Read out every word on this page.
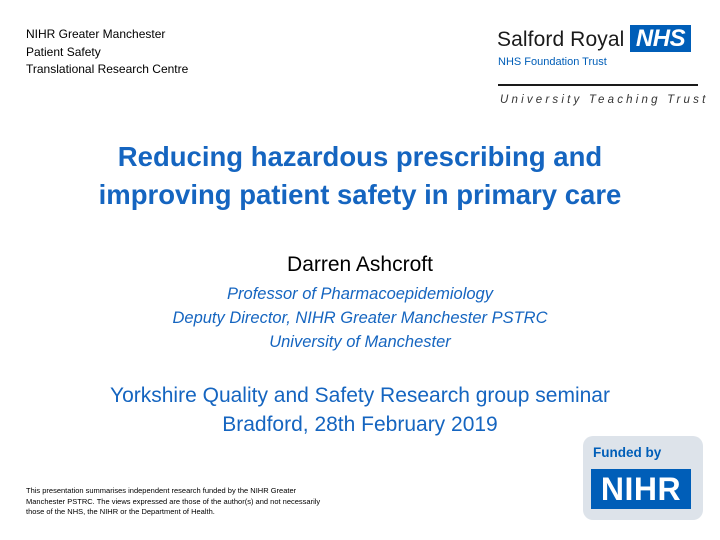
NIHR Greater Manchester
Patient Safety
Translational Research Centre
Salford Royal NHS
NHS Foundation Trust
University Teaching Trust
Reducing hazardous prescribing and
improving patient safety in primary care
Darren Ashcroft
Professor of Pharmacoepidemiology
Deputy Director, NIHR Greater Manchester PSTRC
University of Manchester
Yorkshire Quality and Safety Research group seminar
Bradford, 28th February 2019
This presentation summarises independent research funded by the NIHR Greater
Manchester PSTRC. The views expressed are those of the author(s) and not necessarily
those of the NHS, the NIHR or the Department of Health.
Funded by
NIHR
